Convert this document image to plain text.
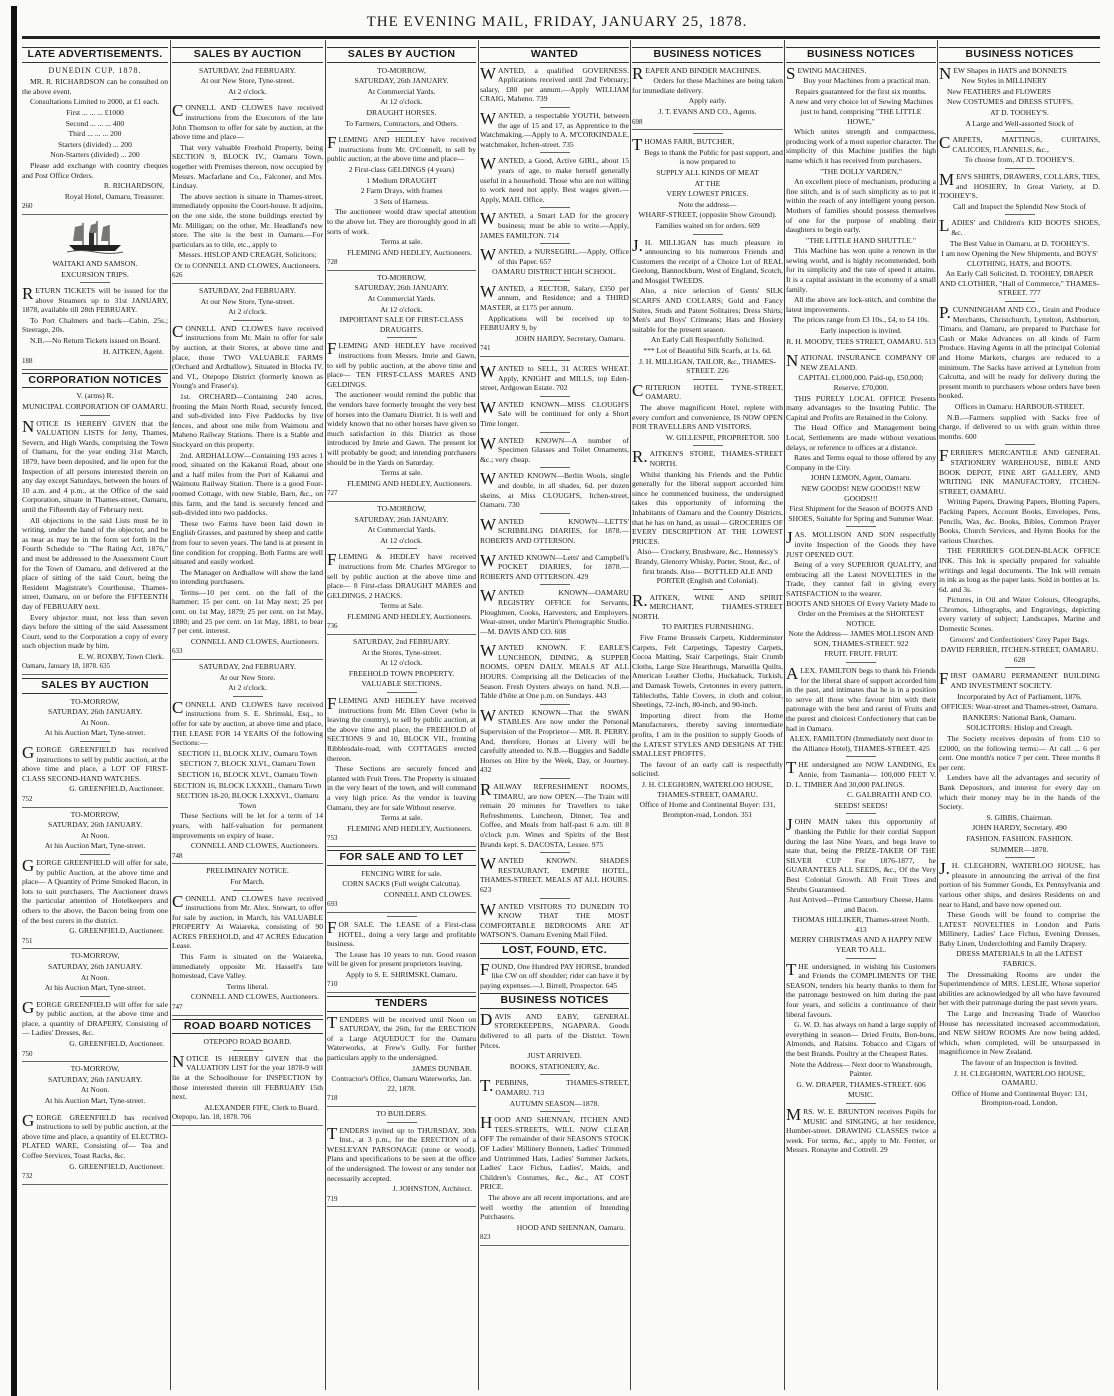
THE EVENING MAIL, FRIDAY, JANUARY 25, 1878.
LATE ADVERTISEMENTS.
DUNEDIN CUP. 1878.
MR. R. RICHARDSON can be consulted on the above event.
Consultations Limited to 2000, at £1 each.
First ... ... ... £1000
Second ... ... ... 400
Third ... ... ... 200
Starters (divided) ... 200
Non-Starters (divided) ... 200
Please add exchange with country cheques and Post Office Orders.
R. RICHARDSON,
Royal Hotel, Oamaru, Treasurer.
260
WAITAKI AND SAMSON.
EXCURSION TRIPS.
RETURN TICKETS will be issued for the above Steamers up to 31st JANUARY, 1878, available till 28th FEBRUARY.
To Port Chalmers and back—Cabin, 25s.; Steerage, 20s.
N.B.—No Return Tickets issued on Board.
H. AITKEN, Agent.
188
CORPORATION NOTICES
V. (arms) R.
MUNICIPAL CORPORATION OF OAMARU.
NOTICE IS HEREBY GIVEN that the VALUATION LISTS for Jetty, Thames, Severn, and High Wards, comprising the Town of Oamaru, for the year ending 31st March, 1879, have been deposited, and lie open for the Inspection of all persons interested therein on any day except Saturdays, between the hours of 10 a.m. and 4 p.m., at the Office of the said Corporation, situate in Thames-street, Oamaru, until the Fifteenth day of February next.
All objections to the said Lists must be in writing, under the hand of the objector, and be as near as may be in the form set forth in the Fourth Schedule to "The Rating Act, 1876," and must be addressed to the Assessment Court for the Town of Oamaru, and delivered at the place of sitting of the said Court, being the Resident Magistrate's Courthouse, Thames-street, Oamaru, on or before the FIFTEENTH day of FEBRUARY next.
Every objector must, not less than seven days before the sitting of the said Assessment Court, send to the Corporation a copy of every such objection made by him.
E. W. ROXBY, Town Clerk.
Oamaru, January 18, 1878. 635
SALES BY AUCTION
TO-MORROW,
SATURDAY, 26th JANUARY.
At Noon.
At his Auction Mart, Tyne-street.
GEORGE GREENFIELD has received instructions to sell by public auction, at the above time and place, a LOT OF FIRST-CLASS SECOND-HAND WATCHES.
G. GREENFIELD, Auctioneer.
752
TO-MORROW,
SATURDAY, 26th JANUARY.
At Noon.
At his Auction Mart, Tyne-street.
GEORGE GREENFIELD will offer for sale, by public Auction, at the above time and place— A Quantity of Prime Smoked Bacon, in lots to suit purchasers. The Auctioneer draws the particular attention of Hotelkeepers and others to the above, the Bacon being from one of the best curers in the district.
G. GREENFIELD, Auctioneer.
751
TO-MORROW,
SATURDAY, 26th JANUARY.
At Noon.
At his Auction Mart, Tyne-street.
GEORGE GREENFIELD will offer for sale by public auction, at the above time and place, a quantity of DRAPERY, Consisting of— Ladies' Dresses, &c.
G. GREENFIELD, Auctioneer.
750
TO-MORROW,
SATURDAY, 26th JANUARY.
At Noon.
At his Auction Mart, Tyne-street.
GEORGE GREENFIELD has received instructions to sell by public auction, at the above time and place, a quantity of ELECTRO-PLATED WARE, Consisting of— Tea and Coffee Services, Toast Racks, &c.
G. GREENFIELD, Auctioneer.
732
SALES BY AUCTION
SATURDAY, 2nd FEBRUARY.
At our New Store, Tyne-street.
At 2 o'clock.
CONNELL AND CLOWES have received instructions from the Executors of the late John Thomson to offer for sale by auction, at the above time and place—
That very valuable Freehold Property, being SECTION 9, BLOCK IV., Oamaru Town, together with Premises thereon, now occupied by Messrs. Macfarlane and Co., Falconer, and Mrs. Lindsay.
The above section is situate in Thames-street, immediately opposite the Court-house. It adjoins, on the one side, the stone buildings erected by Mr. Milligan; on the other, Mr. Headland's new store. The site is the best in Oamaru.—For particulars as to title, etc., apply to
Messrs. HISLOP AND CREAGH, Solicitors;
Or to CONNELL AND CLOWES, Auctioneers.
626
SATURDAY, 2nd FEBRUARY.
At our New Store, Tyne-street.
At 2 o'clock.
CONNELL AND CLOWES have received instructions from Mr. Main to offer for sale by auction, at their Stores, at above time and place, those TWO VALUABLE FARMS (Orchard and Ardhallow), Situated in Blocks IV. and VI., Otepopo District (formerly known as Young's and Fraser's).
1st. ORCHARD—Containing 240 acres, fronting the Main North Road, securely fenced, and sub-divided into Five Paddocks by live fences, and about one mile from Waimotu and Maheno Railway Stations. There is a Stable and Stockyard on this property.
2nd. ARDHALLOW—Containing 193 acres 1 rood, situated on the Kakanui Road, about one and a half miles from the Port of Kakanui and Waimotu Railway Station. There is a good Four-roomed Cottage, with new Stable, Barn, &c., on this farm, and the land is securely fenced and sub-divided into two paddocks.
These two Farms have been laid down in English Grasses, and pastured by sheep and cattle from four to seven years. The land is at present in fine condition for cropping. Both Farms are well situated and easily worked.
The Manager on Ardhallow will show the land to intending purchasers.
Terms—10 per cent. on the fall of the hammer; 15 per cent. on 1st May next; 25 per cent. on 1st May, 1879; 25 per cent. on 1st May, 1880; and 25 per cent. on 1st May, 1881, to bear 7 per cent. interest.
CONNELL AND CLOWES, Auctioneers.
633
SATURDAY, 2nd FEBRUARY.
At our New Store.
At 2 o'clock.
CONNELL AND CLOWES have received instructions from S. E. Shrimski, Esq., to offer for sale by auction, at above time and place, THE LEASE FOR 14 YEARS Of the following Sections:—
SECTION 11, BLOCK XLIV., Oamaru Town
SECTION 7, BLOCK XLVI., Oamaru Town
SECTION 16, BLOCK XLVI., Oamaru Town
SECTION 16, BLOCK LXXXII., Oamaru Town
SECTION 18-20, BLOCK LXXXVI., Oamaru Town
These Sections will be let for a term of 14 years, with half-valuation for permanent improvements on expiry of lease.
CONNELL AND CLOWES, Auctioneers.
748
PRELIMINARY NOTICE.
For March.
CONNELL AND CLOWES have received instructions from Mr. Alex. Stewart, to offer for sale by auction, in March, his VALUABLE PROPERTY At Waiareka, consisting of 90 ACRES FREEHOLD, and 47 ACRES Education Lease.
This Farm is situated on the Waiareka, immediately opposite Mr. Hassell's late homestead, Cave Valley.
Terms liberal.
CONNELL AND CLOWES, Auctioneers.
747
ROAD BOARD NOTICES
OTEPOPO ROAD BOARD.
NOTICE IS HEREBY GIVEN that the VALUATION LIST for the year 1878-9 will lie at the Schoolhouse for INSPECTION by those interested therein till FEBRUARY 15th next.
ALEXANDER FIFE, Clerk to Board.
Otepopo, Jan. 18, 1878. 706
SALES BY AUCTION
TO-MORROW,
SATURDAY, 26th JANUARY.
At Commercial Yards.
At 12 o'clock.
DRAUGHT HORSES.
To Farmers, Contractors, and Others.
FLEMING AND HEDLEY have received instructions from Mr. O'Connell, to sell by public auction, at the above time and place—
2 First-class GELDINGS (4 years)
1 Medium DRAUGHT
2 Farm Drays, with frames
3 Sets of Harness.
The auctioneer would draw special attention to the above lot. They are thoroughly good in all sorts of work.
Terms at sale.
FLEMING AND HEDLEY, Auctioneers.
728
TO-MORROW,
SATURDAY, 26th JANUARY.
At Commercial Yards.
At 12 o'clock.
IMPORTANT SALE OF FIRST-CLASS DRAUGHTS.
FLEMING AND HEDLEY have received instructions from Messrs. Imrie and Gawn, to sell by public auction, at the above time and place— TEN FIRST-CLASS MARES AND GELDINGS.
The auctioneer would remind the public that the vendors have formerly brought the very best of horses into the Oamaru District. It is well and widely known that no other horses have given so much satisfaction in this District as those introduced by Imrie and Gawn. The present lot will probably be good; and intending purchasers should be in the Yards on Saturday.
Terms at sale.
FLEMING AND HEDLEY, Auctioneers.
727
TO-MORROW,
SATURDAY, 26th JANUARY.
At Commercial Yards.
At 12 o'clock.
FLEMING & HEDLEY have received instructions from Mr. Charles M'Gregor to sell by public auction at the above time and place— 8 First-class DRAUGHT MARES and GELDINGS, 2 HACKS.
Terms at Sale.
FLEMING AND HEDLEY, Auctioneers.
736
SATURDAY, 2nd FEBRUARY.
At the Stores, Tyne-street.
At 12 o'clock.
FREEHOLD TOWN PROPERTY.
VALUABLE SECTIONS.
FLEMING AND HEDLEY have received instructions from Mr. Ellen Cover (who is leaving the country), to sell by public auction, at the above time and place, the FREEHOLD of SECTIONS 9 and 10, BLOCK VII., fronting Ribblesdale-road, with COTTAGES erected thereon.
These Sections are securely fenced and planted with Fruit Trees. The Property is situated in the very heart of the town, and will command a very high price. As the vendor is leaving Oamaru, they are for sale Without reserve.
Terms at sale.
FLEMING AND HEDLEY, Auctioneers.
753
FOR SALE AND TO LET
FENCING WIRE for sale.
CORN SACKS (Full weight Calcutta).
CONNELL AND CLOWES.
693
FOR SALE. The LEASE of a First-class HOTEL, doing a very large and profitable business.
The Lease has 10 years to run. Good reason will be given for present proprietors leaving.
Apply to S. E. SHRIMSKI, Oamaru.
710
TENDERS
TENDERS will be received until Noon on SATURDAY, the 26th, for the ERECTION of a Large AQUEDUCT for the Oamaru Waterworks, at Frew's Gully. For further particulars apply to the undersigned.
JAMES DUNBAR.
Contractor's Office, Oamaru Waterworks, Jan. 22, 1878.
718
TO BUILDERS.
TENDERS invited up to THURSDAY, 30th Inst., at 3 p.m., for the ERECTION of a WESLEYAN PARSONAGE (stone or wood). Plans and specifications to be seen at the office of the undersigned. The lowest or any tender not necessarily accepted.
J. JOHNSTON, Architect.
719
WANTED
WANTED, a qualified GOVERNESS. Applications received until 2nd February; salary, £80 per annum.—Apply WILLIAM CRAIG, Maheno. 739
WANTED, a respectable YOUTH, between the age of 15 and 17, as Apprentice to the Watchmaking.—Apply to A. M'CORKINDALE, watchmaker, Itchen-street. 735
WANTED, a Good, Active GIRL, about 15 years of age, to make herself generally useful in a household. Those who are not willing to work need not apply. Best wages given.—Apply, MAIL Office.
WANTED, a Smart LAD for the grocery business; must be able to write.—Apply, JAMES FAMILTON. 714
WANTED, a NURSEGIRL.—Apply, Office of this Paper. 657
OAMARU DISTRICT HIGH SCHOOL.
WANTED, a RECTOR, Salary, £350 per annum, and Residence; and a THIRD MASTER, at £175 per annum.
Applications will be received up to FEBRUARY 9, by
JOHN HARDY, Secretary, Oamaru.
741
WANTED to SELL, 31 ACRES WHEAT. Apply, KNIGHT and MILLS, top Eden-street, Ardgowan Estate. 702
WANTED KNOWN—MISS CLOUGH'S Sale will be continued for only a Short Time longer.
WANTED KNOWN—A number of Specimen Glasses and Toilet Ornaments, &c.; very cheap.
WANTED KNOWN—Berlin Wools, single and double, in all shades, 6d. per dozen skeins, at Miss CLOUGH'S, Itchen-street, Oamaru. 730
WANTED KNOWN—LETTS' SCRIBBLING DIARIES, for 1878.—ROBERTS AND OTTERSON.
WANTED KNOWN—Letts' and Campbell's POCKET DIARIES, for 1878.—ROBERTS AND OTTERSON. 429
WANTED KNOWN—OAMARU REGISTRY OFFICE for Servants, Ploughmen, Cooks, Harvesters, and Employers. Wear-street, under Martin's Photographic Studio.—M. DAVIS AND CO. 608
WANTED KNOWN. F. EARLE'S LUNCHEON, DINING, & SUPPER ROOMS, OPEN DAILY. MEALS AT ALL HOURS. Comprising all the Delicacies of the Season. Fresh Oysters always on hand. N.B.—Table d'hôte at One p.m. on Sundays. 443
WANTED KNOWN—That the SWAN STABLES Are now under the Personal Supervision of the Proprietor— MR. R. PERRY. And, therefore, Horses at Livery will be carefully attended to. N.B.—Buggies and Saddle Horses on Hire by the Week, Day, or Journey. 432
RAILWAY REFRESHMENT ROOMS, TIMARU, are now OPEN.—The Train will remain 20 minutes for Travellers to take Refreshments. Luncheon, Dinner, Tea and Coffee, and Meals from half-past 6 a.m. till 8 o'clock p.m. Wines and Spirits of the Best Brands kept. S. DACOSTA, Lessee. 975
WANTED KNOWN. SHADES RESTAURANT, EMPIRE HOTEL, THAMES-STREET. MEALS AT ALL HOURS. 623
WANTED VISITORS TO DUNEDIN TO KNOW THAT THE MOST COMFORTABLE BEDROOMS ARE AT WATSON'S. Oamaru Evening Mail Filed.
LOST, FOUND, ETC.
FOUND, One Hundred PAY HORSE, branded like CW on off shoulder; rider can have it by paying expenses.—J. Birrell, Prospector. 645
BUSINESS NOTICES
DAVIS AND EABY, GENERAL STOREKEEPERS, NGAPARA. Goods delivered to all parts of the District. Town Prices.
JUST ARRIVED.
BOOKS, STATIONERY, &c.
T.PEBBINS, THAMES-STREET, OAMARU. 713
AUTUMN SEASON—1878.
HOOD AND SHENNAN, ITCHEN AND TEES-STREETS, WILL NOW CLEAR OFF The remainder of their SEASON'S STOCK OF Ladies' Millinery Bonnets, Ladies' Trimmed and Untrimmed Hats, Ladies' Summer Jackets, Ladies' Lace Fichus, Ladies', Maids, and Children's Costumes, &c., &c., AT COST PRICE.
The above are all recent importations, and are well worthy the attention of Intending Purchasers.
HOOD AND SHENNAN, Oamaru.
823
BUSINESS NOTICES
REAPER AND BINDER MACHINES.
Orders for these Machines are being taken for immediate delivery.
Apply early.
J. T. EVANS AND CO., Agents.
698
THOMAS FARR, BUTCHER,
Begs to thank the Public for past support, and is now prepared to
SUPPLY ALL KINDS OF MEAT
AT THE
VERY LOWEST PRICES.
Note the address—
WHARF-STREET, (opposite Show Ground).
Families waited on for orders. 609
J.H. MILLIGAN has much pleasure in announcing to his numerous Friends and Customers the receipt of a Choice Lot of REAL Geelong, Bannockburn, West of England, Scotch, and Mosgiel TWEEDS.
Also, a nice selection of Gents' SILK SCARFS AND COLLARS; Gold and Fancy Suites, Studs and Patent Solitaires; Dress Shirts; Men's and Boys' Crimeans; Hats and Hosiery suitable for the present season.
An Early Call Respectfully Solicited.
*** Lot of Beautiful Silk Scarfs, at 1s. 6d.
J. H. MILLIGAN, TAILOR, &c., THAMES-STREET. 226
CRITERION HOTEL TYNE-STREET, OAMARU.
The above magnificent Hotel, replete with every comfort and convenience, IS NOW OPEN FOR TRAVELLERS AND VISITORS.
W. GILLESPIE, PROPRIETOR. 500
R.AITKEN'S STORE, THAMES-STREET NORTH.
Whilst thanking his Friends and the Public generally for the liberal support accorded him since he commenced business, the undersigned takes this opportunity of informing the Inhabitants of Oamaru and the Country Districts, that he has on hand, as usual— GROCERIES OF EVERY DESCRIPTION AT THE LOWEST PRICES.
Also— Crockery, Brushware, &c., Hennessy's Brandy, Glenorry Whisky, Porter, Stout, &c., of first brands. Also— BOTTLED ALE AND PORTER (English and Colonial).
R.AITKEN, WINE AND SPIRIT MERCHANT, THAMES-STREET NORTH.
TO PARTIES FURNISHING.
Five Frame Brussels Carpets, Kidderminster Carpets, Felt Carpetings, Tapestry Carpets, Cocoa Matting, Stair Carpetings, Stair Crumb Cloths, Large Size Hearthrugs, Marseilla Quilts, American Leather Cloths, Huckaback, Turkish, and Damask Towels, Cretonnes in every pattern, Tablecloths, Table Covers, in cloth and colour, Sheetings, 72-inch, 80-inch, and 90-inch.
Importing direct from the Home Manufacturers, thereby saving intermediate profits, I am in the position to supply Goods of the LATEST STYLES AND DESIGNS AT THE SMALLEST PROFITS.
The favour of an early call is respectfully solicited.
J. H. CLEGHORN, WATERLOO HOUSE, THAMES-STREET, OAMARU.
Office of Home and Continental Buyer: 131, Brompton-road, London. 351
BUSINESS NOTICES
SEWING MACHINES.
Buy your Machines from a practical man.
Repairs guaranteed for the first six months.
A new and very choice lot of Sewing Machines just to hand, comprising "THE LITTLE HOWE,"
Which unites strength and compactness, producing work of a most superior character. The simplicity of this Machine justifies the high name which it has received from purchasers.
"THE DOLLY VARDEN,"
An excellent piece of mechanism, producing a fine stitch, and is of such simplicity as to put it within the reach of any intelligent young person. Mothers of families should possess themselves of one for the purpose of enabling their daughters to begin early.
"THE LITTLE HAND SHUTTLE."
This Machine has won quite a renown in the sewing world, and is highly recommended, both for its simplicity and the rate of speed it attains. It is a capital assistant in the economy of a small family.
All the above are lock-stitch, and combine the latest improvements.
The prices range from £3 10s., £4, to £4 10s.
Early inspection is invited.
R. H. MOODY, TEES STREET, OAMARU. 513
NATIONAL INSURANCE COMPANY OF NEW ZEALAND.
CAPITAL £1,000,000. Paid-up, £50,000; Reserve, £70,000.
THIS PURELY LOCAL OFFICE Presents many advantages to the Insuring Public. The Capital and Profits are Retained in the Colony.
The Head Office and Management being Local, Settlements are made without vexatious delays, or reference to offices at a distance.
Rates and Terms equal to those offered by any Company in the City.
JOHN LEMON, Agent, Oamaru.
NEW GOODS! NEW GOODS!! NEW GOODS!!!
First Shipment for the Season of BOOTS AND SHOES, Suitable for Spring and Summer Wear.
JAS. MOLLISON AND SON respectfully invite Inspection of the Goods they have JUST OPENED OUT.
Being of a very SUPERIOR QUALITY, and embracing all the Latest NOVELTIES in the Trade, they cannot fail in giving every SATISFACTION to the wearer.
BOOTS AND SHOES Of Every Variety Made to Order on the Premises at the SHORTEST NOTICE.
Note the Address— JAMES MOLLISON AND SON, THAMES-STREET. 922
FRUIT. FRUIT. FRUIT.
ALEX. FAMILTON begs to thank his Friends for the liberal share of support accorded him in the past, and intimates that he is in a position to serve all those who favour him with their patronage with the best and rarest of Fruits and the purest and choicest Confectionery that can be had in Oamaru.
ALEX. FAMILTON (Immediately next door to the Alliance Hotel), THAMES-STREET. 425
THE undersigned are NOW LANDING, Ex Annie, from Tasmania— 100,000 FEET V. D. L. TIMBER And 30,000 PALINGS.
C. GALBRAITH AND CO.
SEEDS! SEEDS!
JOHN MAIN takes this opportunity of thanking the Public for their cordial Support during the last Nine Years, and begs leave to state that, being the PRIZE-TAKER OF THE SILVER CUP For 1876-1877, he GUARANTEES ALL SEEDS, &c., Of the Very Best Colonial Growth. All Fruit Trees and Shrubs Guaranteed.
Just Arrived—Prime Canterbury Cheese, Hams and Bacon.
THOMAS HILLIKER, Thames-street North. 413
MERRY CHRISTMAS AND A HAPPY NEW YEAR TO ALL.
THE undersigned, in wishing his Customers and Friends the COMPLIMENTS OF THE SEASON, tenders his hearty thanks to them for the patronage bestowed on him during the past four years, and solicits a continuance of their liberal favours.
G. W. D. has always on hand a large supply of everything in season— Dried Fruits, Bon-bons, Almonds, and Raisins. Tobacco and Cigars of the best Brands. Poultry at the Cheapest Rates.
Note the Address— Next door to Wansbrough, Painter.
G. W. DRAPER, THAMES-STREET. 606
MUSIC.
MRS. W. E. BRUNTON receives Pupils for MUSIC and SINGING, at her residence, Humber-street. DRAWING CLASSES twice a week. For terms, &c., apply to Mr. Ferrier, or Messrs. Ronayne and Cottrell. 29
BUSINESS NOTICES
NEW Shapes in HATS and BONNETS
New Styles in MILLINERY
New FEATHERS and FLOWERS
New COSTUMES and DRESS STUFFS,
AT D. TOOHEY'S.
A Large and Well-assorted Stock of
CARPETS, MATTINGS, CURTAINS, CALICOES, FLANNELS, &c.,
To choose from, AT D. TOOHEY'S.
MEN'S SHIRTS, DRAWERS, COLLARS, TIES, and HOSIERY, In Great Variety, at D. TOOHEY'S.
Call and Inspect the Splendid New Stock of
LADIES' and Children's KID BOOTS SHOES, &c.
The Best Value in Oamaru, at D. TOOHEY'S.
I am now Opening the New Shipments, and BOYS' CLOTHING, HATS, and BOOTS.
An Early Call Solicited. D. TOOHEY, DRAPER AND CLOTHIER, "Hall of Commerce," THAMES-STREET. 777
P.CUNNINGHAM AND CO., Grain and Produce Merchants, Christchurch, Lyttelton, Ashburton, Timaru, and Oamaru, are prepared to Purchase for Cash or Make Advances on all kinds of Farm Produce. Having Agents in all the principal Colonial and Home Markets, charges are reduced to a minimum. The Sacks have arrived at Lyttelton from Calcutta, and will be ready for delivery during the present month to purchasers whose orders have been booked.
Offices in Oamaru: HARBOUR-STREET.
N.B.—Farmers supplied with Sacks free of charge, if delivered to us with grain within three months. 600
FERRIER'S MERCANTILE AND GENERAL STATIONERY WAREHOUSE, BIBLE AND BOOK DEPOT, FINE ART GALLERY, AND WRITING INK MANUFACTORY, ITCHEN-STREET, OAMARU.
Writing Papers, Drawing Papers, Blotting Papers, Packing Papers, Account Books, Envelopes, Pens, Pencils, Wax, &c. Books, Bibles, Common Prayer Books, Church Services, and Hymn Books for the various Churches.
THE FERRIER'S GOLDEN-BLACK OFFICE INK. This Ink is specially prepared for valuable writings and legal documents. The Ink will remain in ink as long as the paper lasts. Sold in bottles at 1s. 6d. and 3s.
Pictures, in Oil and Water Colours, Oleographs, Chromos, Lithographs, and Engravings, depicting every variety of subject; Landscapes, Marine and Domestic Scenes.
Grocers' and Confectioners' Grey Paper Bags.
DAVID FERRIER, ITCHEN-STREET, OAMARU. 628
FIRST OAMARU PERMANENT BUILDING AND INVESTMENT SOCIETY.
Incorporated by Act of Parliament, 1876.
OFFICES: Wear-street and Thames-street, Oamaru.
BANKERS: National Bank, Oamaru.
SOLICITORS: Hislop and Creagh.
The Society receives deposits of from £10 to £2000, on the following terms:— At call ... 6 per cent. One month's notice 7 per cent. Three months 8 per cent.
Lenders have all the advantages and security of Bank Depositors, and interest for every day on which their money may be in the hands of the Society.
S. GIBBS, Chairman.
JOHN HARDY, Secretary. 490
FASHION. FASHION. FASHION.
SUMMER—1878.
J.H. CLEGHORN, WATERLOO HOUSE, has pleasure in announcing the arrival of the first portion of his Summer Goods, Ex Pennsylvania and various other ships, and desires Residents on and near to Hand, and have now opened out.
These Goods will be found to comprise the LATEST NOVELTIES in London and Paris Millinery, Ladies' Lace Fichus, Evening Dresses, Baby Linen, Underclothing and Family Drapery.
DRESS MATERIALS In all the LATEST FABRICS.
The Dressmaking Rooms are under the Superintendence of MRS. LESLIE, Whose superior abilities are acknowledged by all who have favoured her with their patronage during the past seven years.
The Large and Increasing Trade of Waterloo House has necessitated increased accommodation, and NEW SHOW ROOMS Are now being added, which, when completed, will be unsurpassed in magnificence in New Zealand.
The favour of an Inspection is Invited.
J. H. CLEGHORN, WATERLOO HOUSE, OAMARU.
Office of Home and Continental Buyer: 131, Brompton-road, London.
